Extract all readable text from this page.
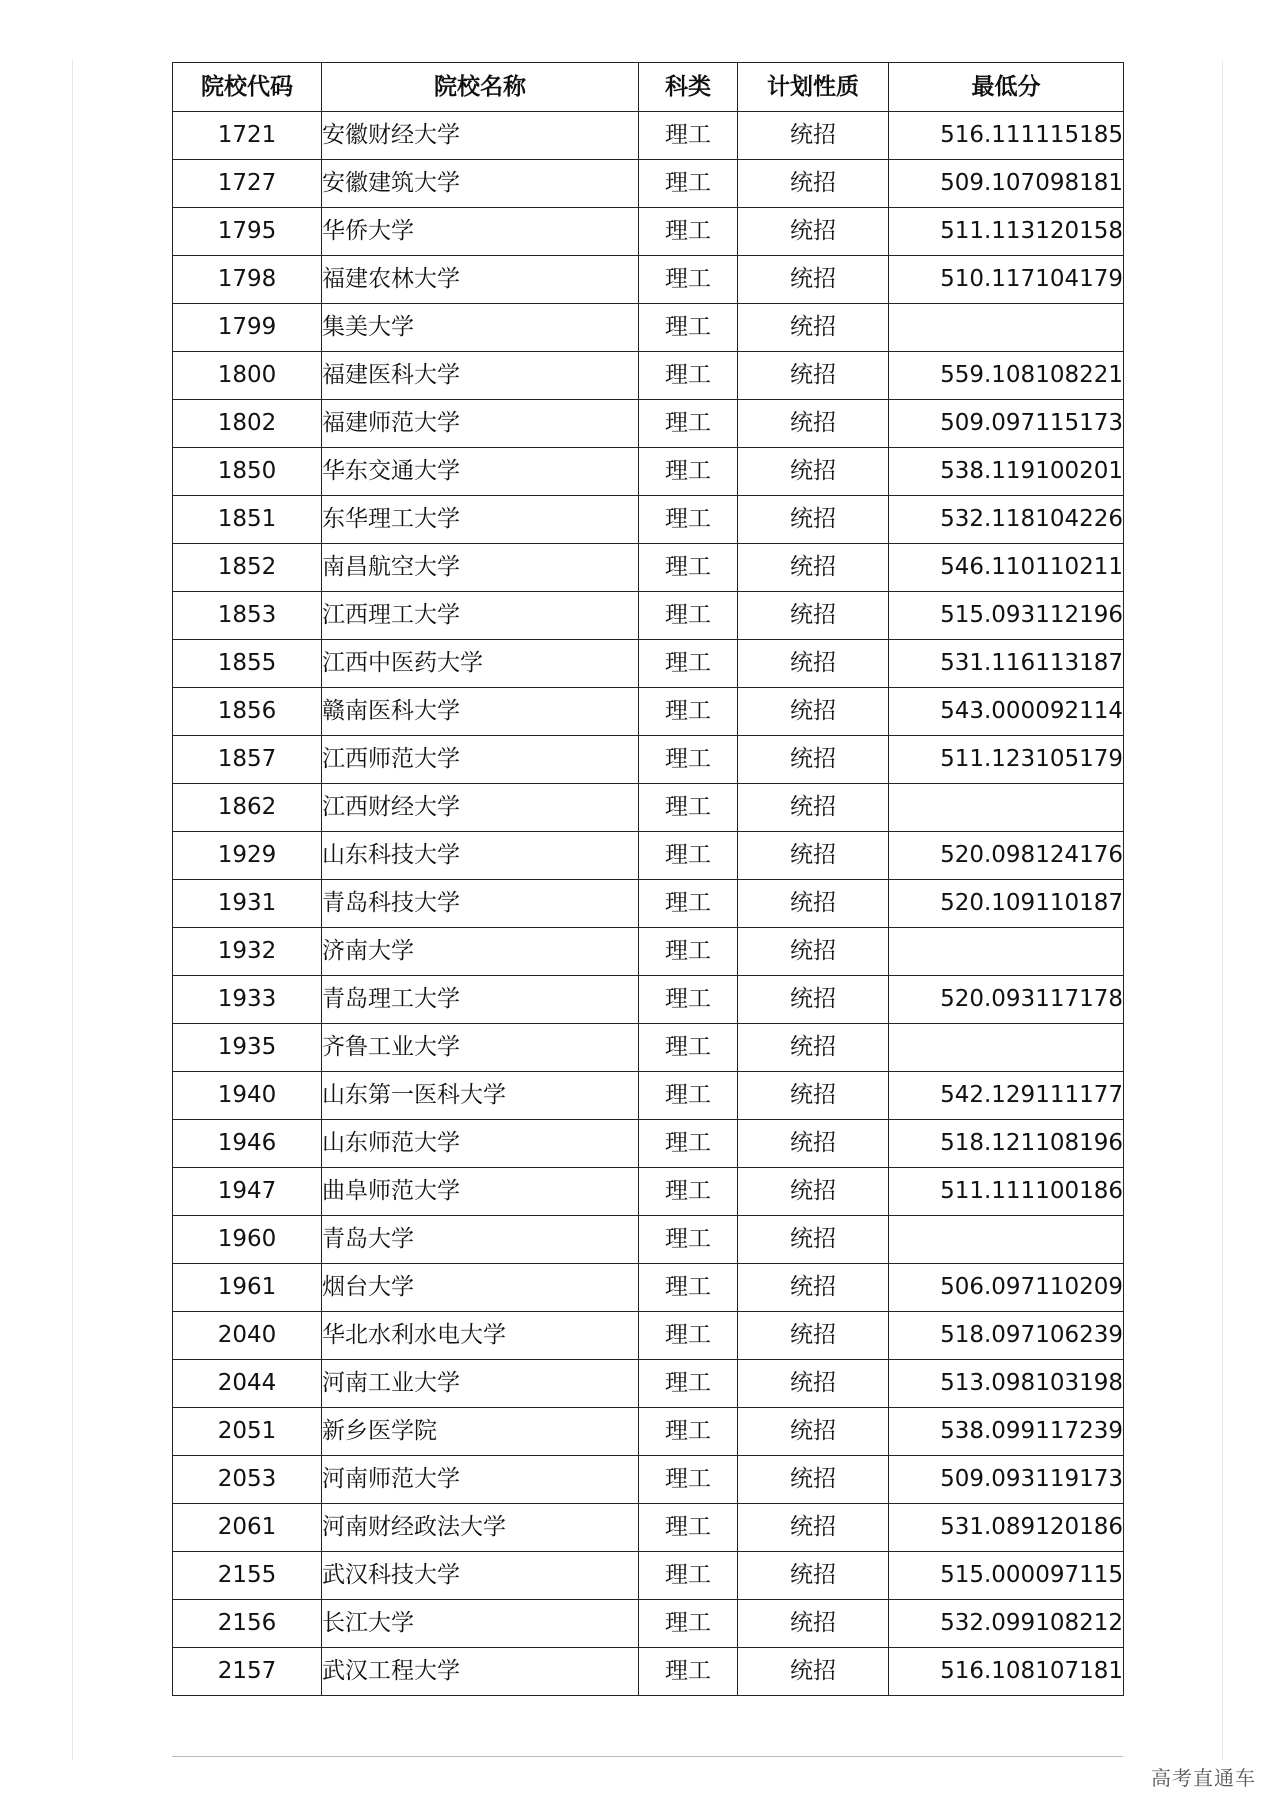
院校代码	院校名称	科类	计划性质	最低分
1721	安徽财经大学	理工	统招	516.111115185
1727	安徽建筑大学	理工	统招	509.107098181
1795	华侨大学	理工	统招	511.113120158
1798	福建农林大学	理工	统招	510.117104179
1799	集美大学	理工	统招	
1800	福建医科大学	理工	统招	559.108108221
1802	福建师范大学	理工	统招	509.097115173
1850	华东交通大学	理工	统招	538.119100201
1851	东华理工大学	理工	统招	532.118104226
1852	南昌航空大学	理工	统招	546.110110211
1853	江西理工大学	理工	统招	515.093112196
1855	江西中医药大学	理工	统招	531.116113187
1856	赣南医科大学	理工	统招	543.000092114
1857	江西师范大学	理工	统招	511.123105179
1862	江西财经大学	理工	统招	
1929	山东科技大学	理工	统招	520.098124176
1931	青岛科技大学	理工	统招	520.109110187
1932	济南大学	理工	统招	
1933	青岛理工大学	理工	统招	520.093117178
1935	齐鲁工业大学	理工	统招	
1940	山东第一医科大学	理工	统招	542.129111177
1946	山东师范大学	理工	统招	518.121108196
1947	曲阜师范大学	理工	统招	511.111100186
1960	青岛大学	理工	统招	
1961	烟台大学	理工	统招	506.097110209
2040	华北水利水电大学	理工	统招	518.097106239
2044	河南工业大学	理工	统招	513.098103198
2051	新乡医学院	理工	统招	538.099117239
2053	河南师范大学	理工	统招	509.093119173
2061	河南财经政法大学	理工	统招	531.089120186
2155	武汉科技大学	理工	统招	515.000097115
2156	长江大学	理工	统招	532.099108212
2157	武汉工程大学	理工	统招	516.108107181
高考直通车
